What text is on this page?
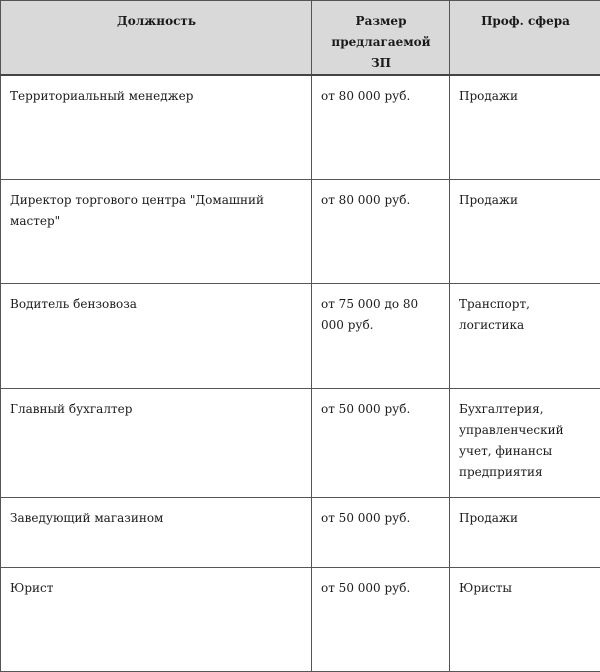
Должность	Размер предлагаемой ЗП	Проф. сфера
Территориальный менеджер	от 80 000 руб.	Продажи
Директор торгового центра "Домашний мастер"	от 80 000 руб.	Продажи
Водитель бензовоза	от 75 000 до 80 000 руб.	Транспорт, логистика
Главный бухгалтер	от 50 000 руб.	Бухгалтерия, управленческий учет, финансы предприятия
Заведующий магазином	от 50 000 руб.	Продажи
Юрист	от 50 000 руб.	Юристы
